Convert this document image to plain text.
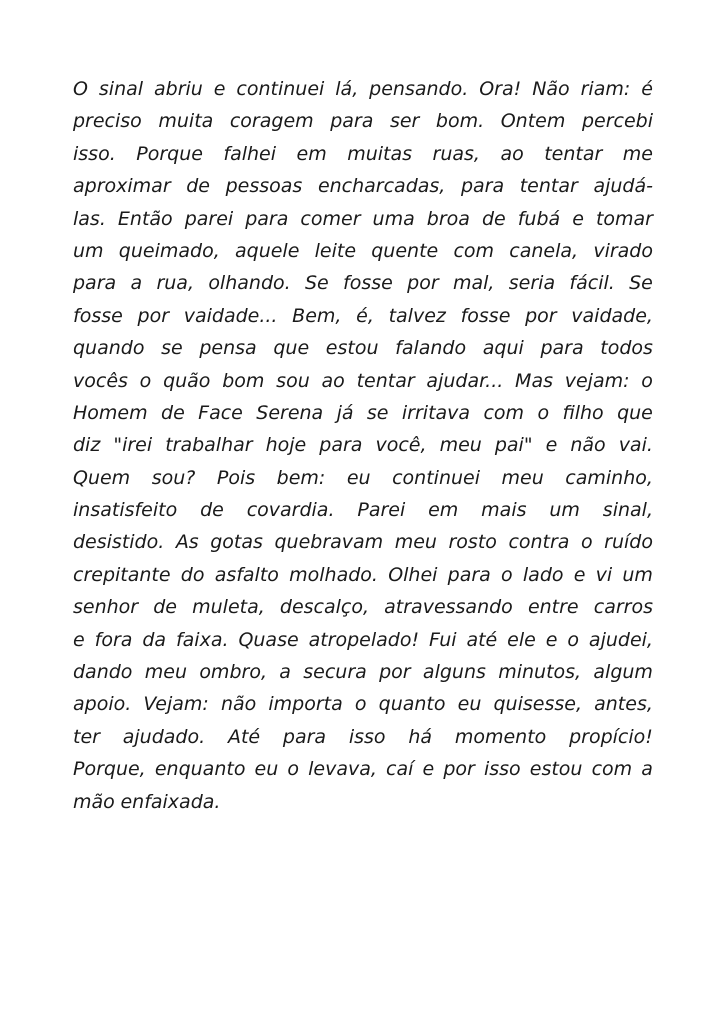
O sinal abriu e continuei lá, pensando. Ora! Não riam: é
preciso muita coragem para ser bom. Ontem percebi
isso. Porque falhei em muitas ruas, ao tentar me
aproximar de pessoas encharcadas, para tentar ajudá-
las. Então parei para comer uma broa de fubá e tomar
um queimado, aquele leite quente com canela, virado
para a rua, olhando. Se fosse por mal, seria fácil. Se
fosse por vaidade... Bem, é, talvez fosse por vaidade,
quando se pensa que estou falando aqui para todos
vocês o quão bom sou ao tentar ajudar... Mas vejam: o
Homem de Face Serena já se irritava com o filho que
diz "irei trabalhar hoje para você, meu pai" e não vai.
Quem sou? Pois bem: eu continuei meu caminho,
insatisfeito de covardia. Parei em mais um sinal,
desistido. As gotas quebravam meu rosto contra o ruído
crepitante do asfalto molhado. Olhei para o lado e vi um
senhor de muleta, descalço, atravessando entre carros
e fora da faixa. Quase atropelado! Fui até ele e o ajudei,
dando meu ombro, a secura por alguns minutos, algum
apoio. Vejam: não importa o quanto eu quisesse, antes,
ter ajudado. Até para isso há momento propício!
Porque, enquanto eu o levava, caí e por isso estou com a
mão enfaixada.
